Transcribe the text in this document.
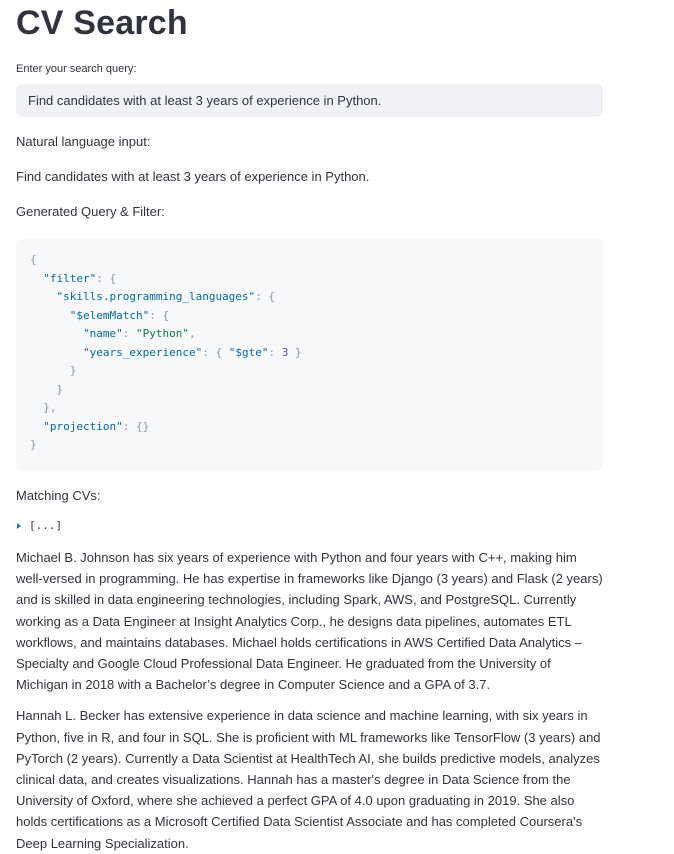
CV Search
Enter your search query:
Find candidates with at least 3 years of experience in Python.

Natural language input:

Find candidates with at least 3 years of experience in Python.

Generated Query & Filter:

{
"filter": {
"skills.programming_languages": {
"$elemMatch": {
"name": "Python",
"years_experience": { "$gte": 3 }
}
}
},
"projection": {}
}

Matching CVs:

[...]

Michael B. Johnson has six years of experience with Python and four years with C++, making him well-versed in programming. He has expertise in frameworks like Django (3 years) and Flask (2 years) and is skilled in data engineering technologies, including Spark, AWS, and PostgreSQL. Currently working as a Data Engineer at Insight Analytics Corp., he designs data pipelines, automates ETL workflows, and maintains databases. Michael holds certifications in AWS Certified Data Analytics – Specialty and Google Cloud Professional Data Engineer. He graduated from the University of Michigan in 2018 with a Bachelor’s degree in Computer Science and a GPA of 3.7.

Hannah L. Becker has extensive experience in data science and machine learning, with six years in Python, five in R, and four in SQL. She is proficient with ML frameworks like TensorFlow (3 years) and PyTorch (2 years). Currently a Data Scientist at HealthTech AI, she builds predictive models, analyzes clinical data, and creates visualizations. Hannah has a master's degree in Data Science from the University of Oxford, where she achieved a perfect GPA of 4.0 upon graduating in 2019. She also holds certifications as a Microsoft Certified Data Scientist Associate and has completed Coursera's Deep Learning Specialization.
